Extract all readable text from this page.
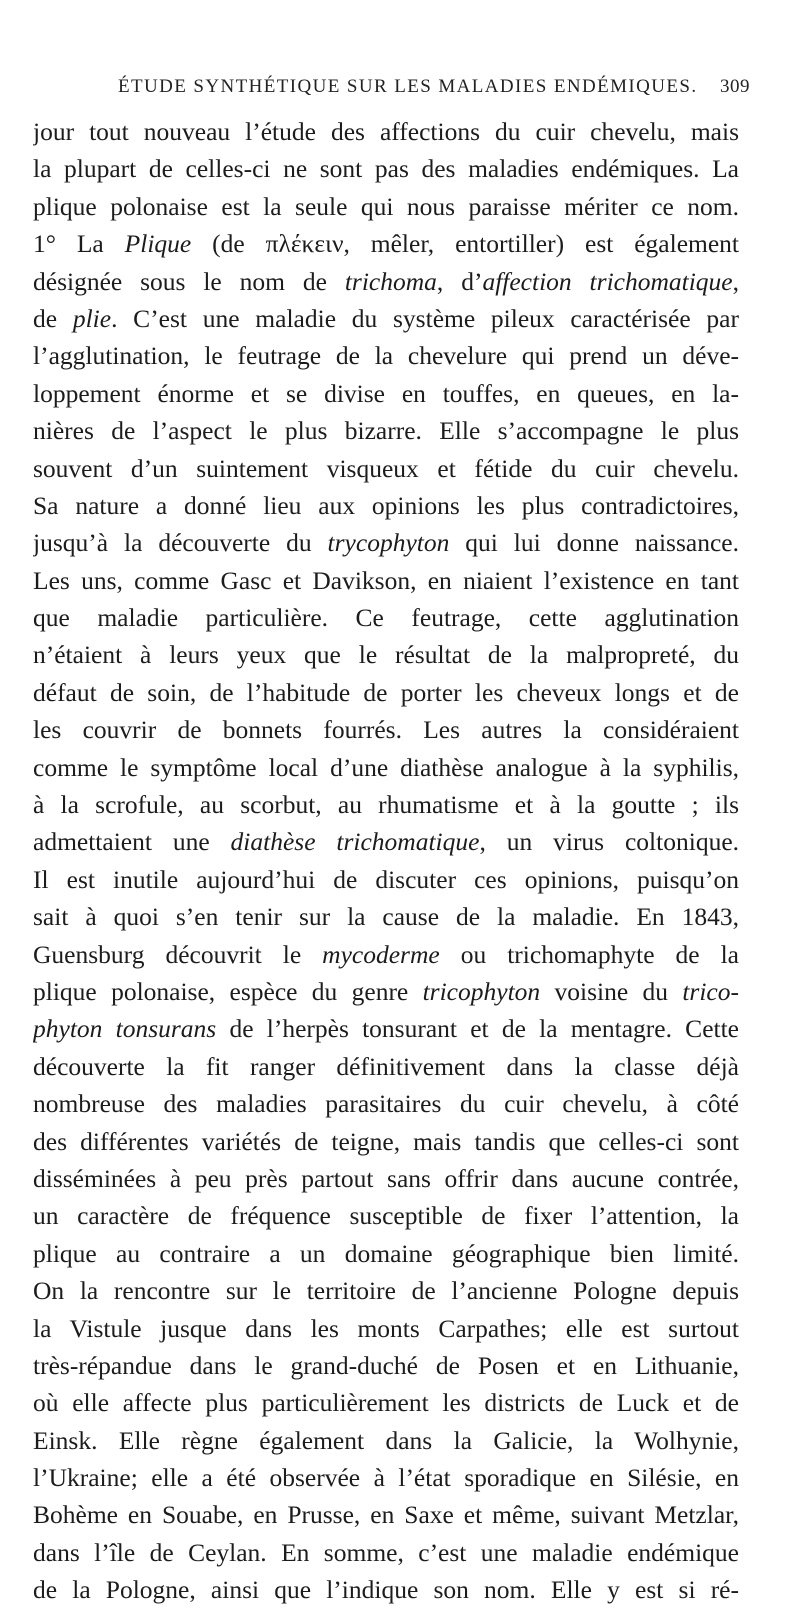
ÉTUDE SYNTHÉTIQUE SUR LES MALADIES ENDÉMIQUES. 309
jour tout nouveau l’étude des affections du cuir chevelu, mais
la plupart de celles-ci ne sont pas des maladies endémiques. La
plique polonaise est la seule qui nous paraisse mériter ce nom.
1° La Plique (de πλέκειν, mêler, entortiller) est également
désignée sous le nom de trichoma, d’affection trichomatique,
de plie. C’est une maladie du système pileux caractérisée par
l’agglutination, le feutrage de la chevelure qui prend un déve-
loppement énorme et se divise en touffes, en queues, en la-
nières de l’aspect le plus bizarre. Elle s’accompagne le plus
souvent d’un suintement visqueux et fétide du cuir chevelu.
Sa nature a donné lieu aux opinions les plus contradictoires,
jusqu’à la découverte du trycophyton qui lui donne naissance.
Les uns, comme Gasc et Davikson, en niaient l’existence en tant
que maladie particulière. Ce feutrage, cette agglutination
n’étaient à leurs yeux que le résultat de la malpropreté, du
défaut de soin, de l’habitude de porter les cheveux longs et de
les couvrir de bonnets fourrés. Les autres la considéraient
comme le symptôme local d’une diathèse analogue à la syphilis,
à la scrofule, au scorbut, au rhumatisme et à la goutte ; ils
admettaient une diathèse trichomatique, un virus coltonique.
Il est inutile aujourd’hui de discuter ces opinions, puisqu’on
sait à quoi s’en tenir sur la cause de la maladie. En 1843,
Guensburg découvrit le mycoderme ou trichomaphyte de la
plique polonaise, espèce du genre tricophyton voisine du trico-
phyton tonsurans de l’herpès tonsurant et de la mentagre. Cette
découverte la fit ranger définitivement dans la classe déjà
nombreuse des maladies parasitaires du cuir chevelu, à côté
des différentes variétés de teigne, mais tandis que celles-ci sont
disséminées à peu près partout sans offrir dans aucune contrée,
un caractère de fréquence susceptible de fixer l’attention, la
plique au contraire a un domaine géographique bien limité.
On la rencontre sur le territoire de l’ancienne Pologne depuis
la Vistule jusque dans les monts Carpathes; elle est surtout
très-répandue dans le grand-duché de Posen et en Lithuanie,
où elle affecte plus particulièrement les districts de Luck et de
Einsk. Elle règne également dans la Galicie, la Wolhynie,
l’Ukraine; elle a été observée à l’état sporadique en Silésie, en
Bohème en Souabe, en Prusse, en Saxe et même, suivant Metzlar,
dans l’île de Ceylan. En somme, c’est une maladie endémique
de la Pologne, ainsi que l’indique son nom. Elle y est si ré-
